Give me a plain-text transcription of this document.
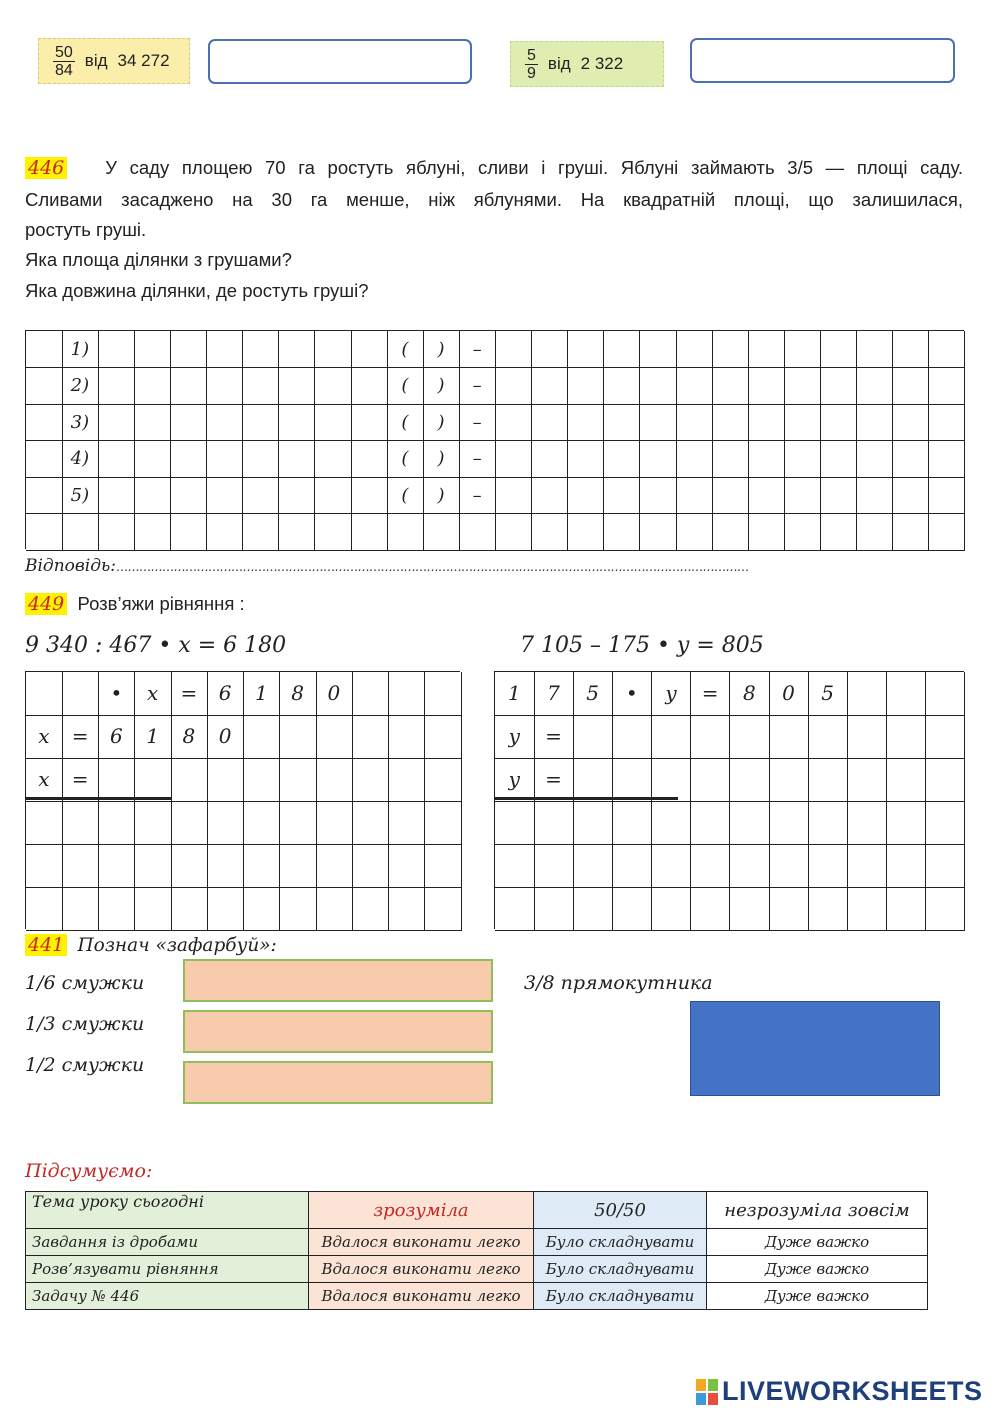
$\frac{50}{84}$ від 34 272	$\frac{5}{9}$ від 2 322
446 У саду площею 70 га ростуть яблуні, сливи і груші. Яблуні займають 3/5 — площі саду.
Сливами засаджено на 30 га менше, ніж яблунями. На квадратній площі, що залишилася,
ростуть груші.
Яка площа ділянки з грушами?
Яка довжина ділянки, де ростуть груші?
1)	(	)	–
2)	(	)	–
3)	(	)	–
4)	(	)	–
5)	(	)	–
Відповідь:…………………………………………………………………………………………………………………………………………………
449 Розв’яжи рівняння :
9 340 : 467 • x = 6 180	7 105 – 175 • y = 805
•	x	=	6	1	8	0
x	=	6	1	8	0
x	=
1	7	5	•	y	=	8	0	5
y	=
y	=
441 Познач «зафарбуй»:
1/6 смужки
1/3 смужки
1/2 смужки
3/8 прямокутника
Підсумуємо:
Тема уроку сьогодні	зрозуміла	50/50	незрозуміла зовсім
Завдання із дробами	Вдалося виконати легко	Було складнувати	Дуже важко
Розв’язувати рівняння	Вдалося виконати легко	Було складнувати	Дуже важко
Задачу № 446	Вдалося виконати легко	Було складнувати	Дуже важко
LIVEWORKSHEETS
